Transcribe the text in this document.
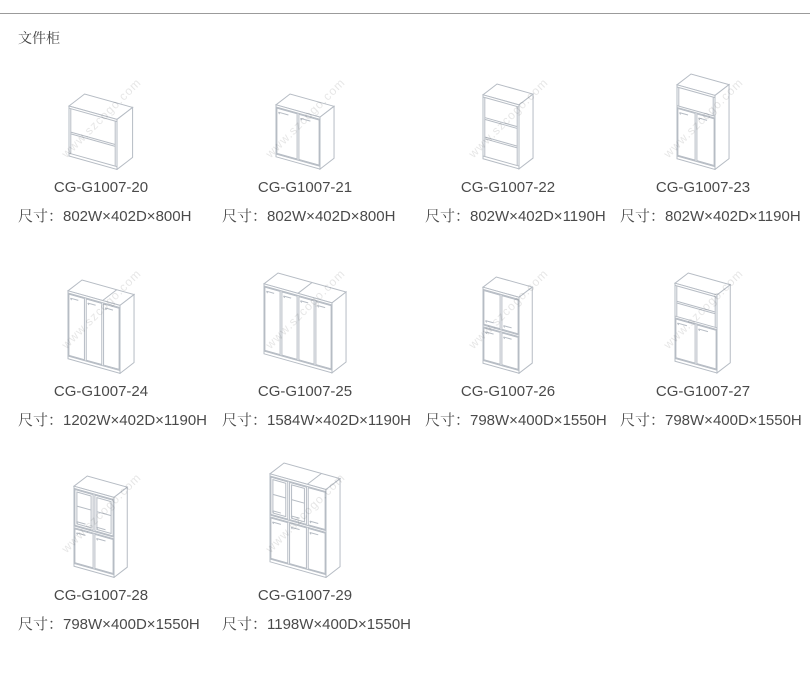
文件柜
CG-G1007-20
尺寸：802W×402D×800H
CG-G1007-21
尺寸：802W×402D×800H
CG-G1007-22
尺寸：802W×402D×1190H
CG-G1007-23
尺寸：802W×402D×1190H
CG-G1007-24
尺寸：1202W×402D×1190H
CG-G1007-25
尺寸：1584W×402D×1190H
CG-G1007-26
尺寸：798W×400D×1550H
CG-G1007-27
尺寸：798W×400D×1550H
CG-G1007-28
尺寸：798W×400D×1550H
CG-G1007-29
尺寸：1198W×400D×1550H
